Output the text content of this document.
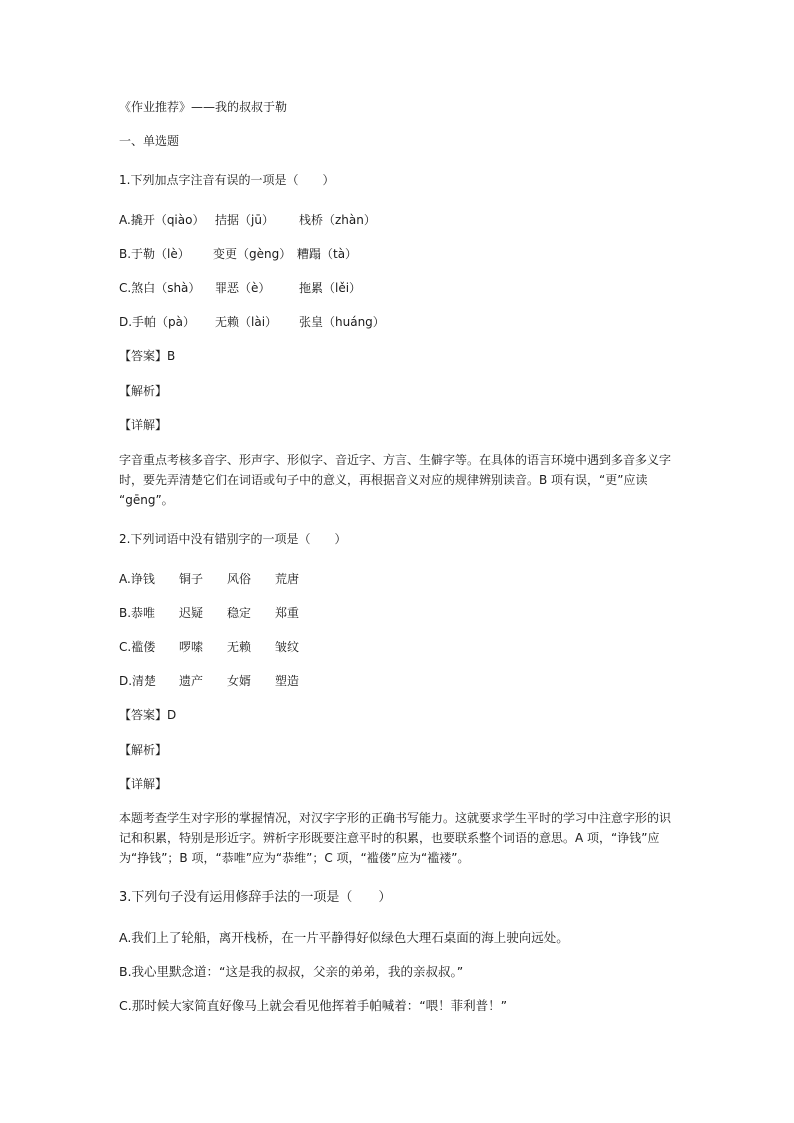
《作业推荐》——我的叔叔于勒
一、单选题
1.下列加点字注音有误的一项是（　　）
A.撬开（qiào） 拮据（jū） 栈桥（zhàn）
B.于勒（lè） 变更（gèng） 糟蹋（tà）
C.煞白（shà） 罪恶（è） 拖累（lěi）
D.手帕（pà） 无赖（lài） 张皇（huáng）
【答案】B
【解析】
【详解】
字音重点考核多音字、形声字、形似字、音近字、方言、生僻字等。在具体的语言环境中遇到多音多义字
时，要先弄清楚它们在词语或句子中的意义，再根据音义对应的规律辨别读音。B 项有误，“更”应读
“gēng”。
2.下列词语中没有错别字的一项是（　　）
A.诤钱 铜子 风俗 荒唐
B.恭唯 迟疑 稳定 郑重
C.褴偻 啰嗦 无赖 皱纹
D.清楚 遗产 女婿 塑造
【答案】D
【解析】
【详解】
本题考查学生对字形的掌握情况，对汉字字形的正确书写能力。这就要求学生平时的学习中注意字形的识
记和积累，特别是形近字。辨析字形既要注意平时的积累，也要联系整个词语的意思。A 项，“诤钱”应
为“挣钱”；B 项，“恭唯”应为“恭维”；C 项，“褴偻”应为“褴褛”。
3.下列句子没有运用修辞手法的一项是（　　）
A.我们上了轮船，离开栈桥，在一片平静得好似绿色大理石桌面的海上驶向远处。
B.我心里默念道：“这是我的叔叔，父亲的弟弟，我的亲叔叔。”
C.那时候大家简直好像马上就会看见他挥着手帕喊着：“喂！菲利普！”
